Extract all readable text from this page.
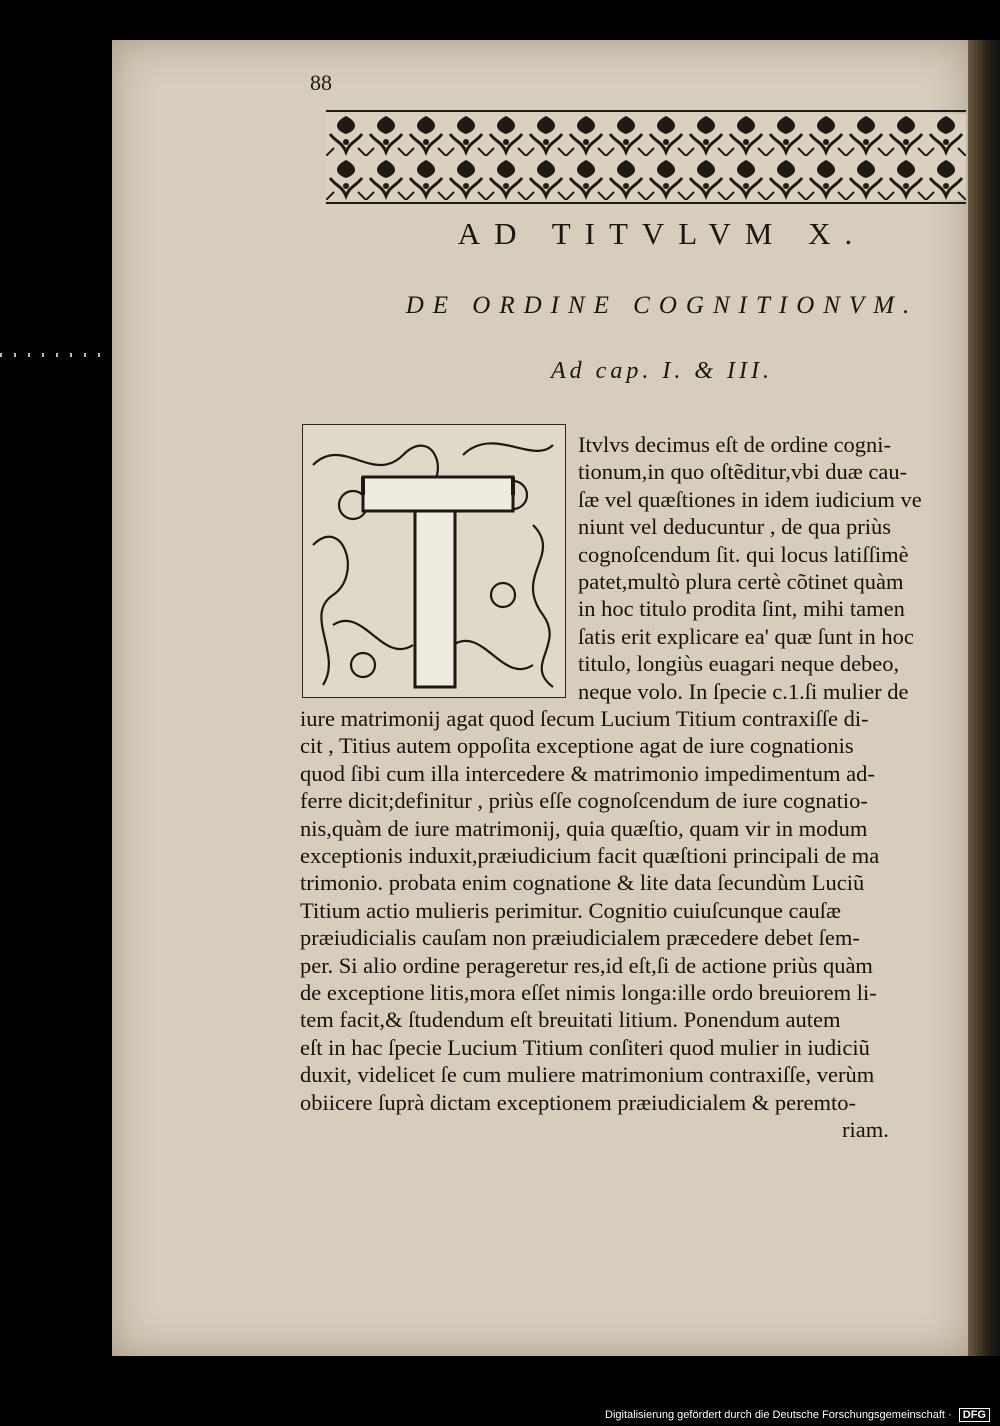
88
AD TITVLVM X.
DE ORDINE COGNITIONVM.
Ad cap. I. & III.
Itvlvs decimus eſt de ordine cogni-
tionum,in quo oſtẽditur,vbi duæ cau-
ſæ vel quæſtiones in idem iudicium ve
niunt vel deducuntur , de qua priùs
cognoſcendum ſit. qui locus latiſſimè
patet,multò plura certè cõtinet quàm
in hoc titulo prodita ſint, mihi tamen
ſatis erit explicare ea' quæ ſunt in hoc
titulo, longiùs euagari neque debeo,
neque volo. In ſpecie c.1.ſi mulier de
iure matrimonij agat quod ſecum Lucium Titium contraxiſſe di-
cit , Titius autem oppoſita exceptione agat de iure cognationis
quod ſibi cum illa intercedere & matrimonio impedimentum ad-
ferre dicit;definitur , priùs eſſe cognoſcendum de iure cognatio-
nis,quàm de iure matrimonij, quia quæſtio, quam vir in modum
exceptionis induxit,præiudicium facit quæſtioni principali de ma
trimonio. probata enim cognatione & lite data ſecundùm Luciũ
Titium actio mulieris perimitur. Cognitio cuiuſcunque cauſæ
præiudicialis cauſam non præiudicialem præcedere debet ſem-
per. Si alio ordine perageretur res,id eſt,ſi de actione priùs quàm
de exceptione litis,mora eſſet nimis longa:ille ordo breuiorem li-
tem facit,& ſtudendum eſt breuitati litium. Ponendum autem
eſt in hac ſpecie Lucium Titium conſiteri quod mulier in iudiciũ
duxit, videlicet ſe cum muliere matrimonium contraxiſſe, verùm
obiicere ſuprà dictam exceptionem præiudicialem & peremto-
riam.
Digitalisierung gefördert durch die Deutsche Forschungsgemeinschaft · DFG
